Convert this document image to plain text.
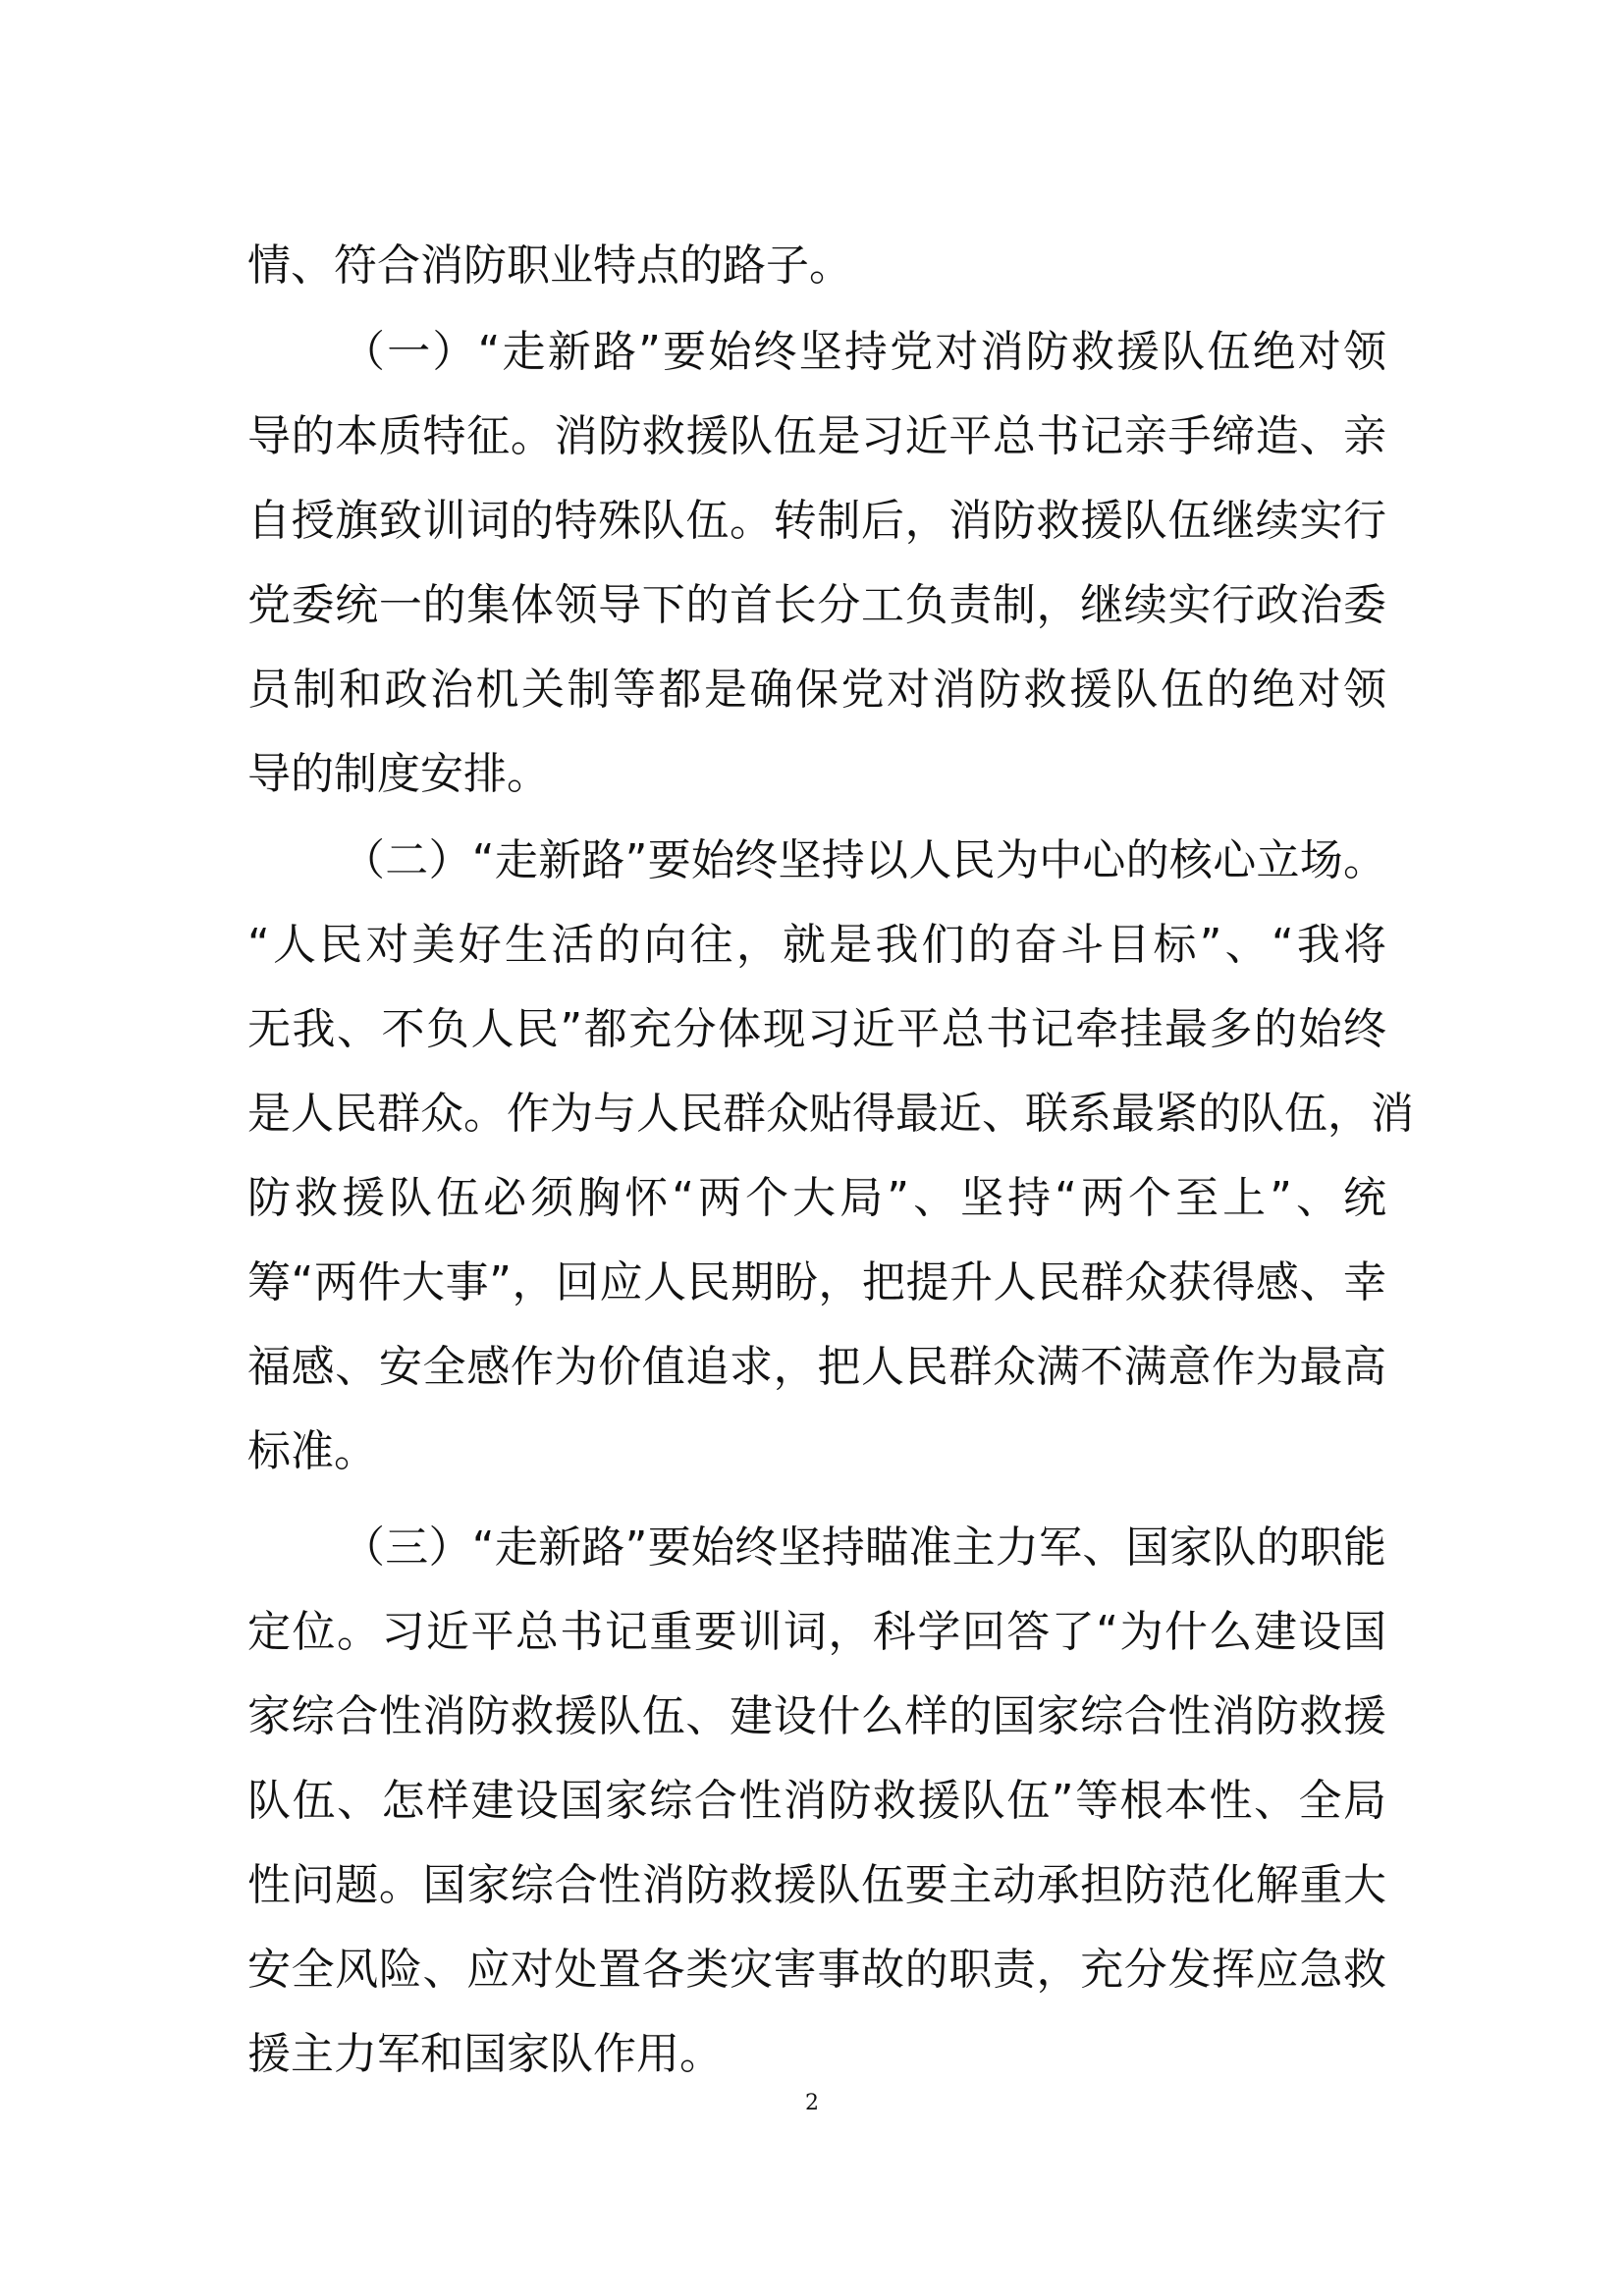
情、符合消防职业特点的路子。
（一）“走新路”要始终坚持党对消防救援队伍绝对领
导的本质特征。消防救援队伍是习近平总书记亲手缔造、亲
自授旗致训词的特殊队伍。转制后，消防救援队伍继续实行
党委统一的集体领导下的首长分工负责制，继续实行政治委
员制和政治机关制等都是确保党对消防救援队伍的绝对领
导的制度安排。
（二）“走新路”要始终坚持以人民为中心的核心立场。
“人民对美好生活的向往，就是我们的奋斗目标”、“我将
无我、不负人民”都充分体现习近平总书记牵挂最多的始终
是人民群众。作为与人民群众贴得最近、联系最紧的队伍，消
防救援队伍必须胸怀“两个大局”、坚持“两个至上”、统
筹“两件大事”，回应人民期盼，把提升人民群众获得感、幸
福感、安全感作为价值追求，把人民群众满不满意作为最高
标准。
（三）“走新路”要始终坚持瞄准主力军、国家队的职能
定位。习近平总书记重要训词，科学回答了“为什么建设国
家综合性消防救援队伍、建设什么样的国家综合性消防救援
队伍、怎样建设国家综合性消防救援队伍”等根本性、全局
性问题。国家综合性消防救援队伍要主动承担防范化解重大
安全风险、应对处置各类灾害事故的职责，充分发挥应急救
援主力军和国家队作用。
2
